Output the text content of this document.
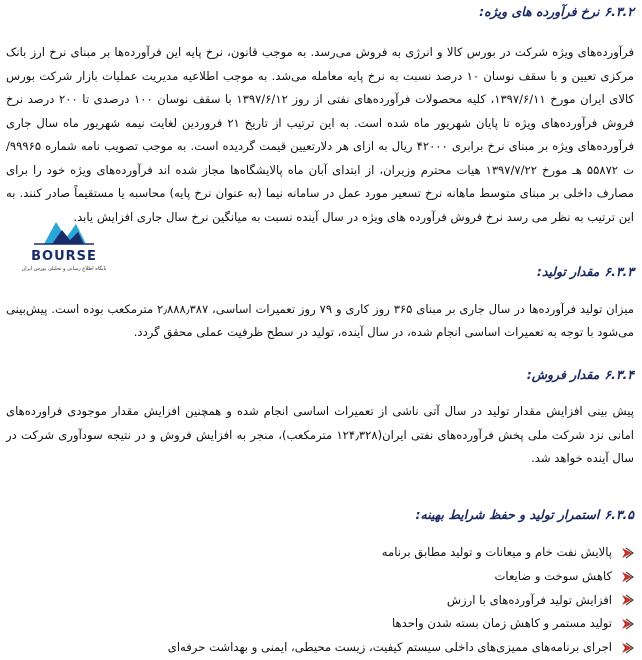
۶.۳.۲نرخ فرآورده های ویژه:
فرآورده‌های ویژه شرکت در بورس کالا و انرژی به فروش می‌رسد. به موجب قانون، نرخ پایه این فرآورده‌ها بر مبنای نرخ ارز بانک مرکزی تعیین و با سقف نوسان ۱۰ درصد نسبت به نرخ پایه معامله می‌شد. به موجب اطلاعیه مدیریت عملیات بازار شرکت بورس کالای ایران مورخ ۱۳۹۷/۶/۱۱، کلیه محصولات فرآورده‌های نفتی از روز ۱۳۹۷/۶/۱۲ با سقف نوسان ۱۰۰ درصدی تا ۲۰۰ درصد نرخ فروش فرآورده‌های ویژه تا پایان شهریور ماه شده است. به این ترتیب از تاریخ ۲۱ فروردین لغایت نیمه شهریور ماه سال جاری فرآورده‌های ویژه بر مبنای نرخ برابری ۴۲۰۰۰ ریال به ازای هر دلارتعیین قیمت گردیده است. به موجب تصویب نامه شماره ۹۹۹۶۵/ت ۵۵۸۷۲ هـ مورخ ۱۳۹۷/۷/۲۲ هیات محترم وزیران، از ابتدای آبان ماه پالایشگاه‌ها مجاز شده اند فرآورده‌های ویژه خود را برای مصارف داخلی بر مبنای متوسط ماهانه نرخ تسعیر مورد عمل در سامانه نیما (به عنوان نرخ پایه) محاسبه یا مستقیماً صادر کنند. به این ترتیب به نظر می رسد نرخ فروش فرآورده های ویژه در سال آینده نسبت به میانگین نرخ سال جاری افزایش یابد.
۶.۳.۳مقدار تولید:
میزان تولید فرآورده‌ها در سال جاری بر مبنای ۳۶۵ روز کاری و ۷۹ روز تعمیرات اساسی، ۲٫۸۸۸٫۳۸۷ مترمکعب بوده است. پیش‌بینی می‌شود با توجه به تعمیرات اساسی انجام شده، در سال آینده، تولید در سطح ظرفیت عملی محقق گردد.
۶.۳.۴مقدار فروش:
پیش بینی افزایش مقدار تولید در سال آتی ناشی از تعمیرات اساسی انجام شده و همچنین افزایش مقدار موجودی فراورده‌های امانی نزد شرکت ملی پخش فرآورده‌های نفتی ایران(۱۲۴٫۳۲۸ مترمکعب)، منجر به افزایش فروش و در نتیجه سودآوری شرکت در سال آینده خواهد شد.
۶.۳.۵استمرار تولید و حفظ شرایط بهینه:
پالایش نفت خام و میعانات و تولید مطابق برنامه
کاهش سوخت و ضایعات
افزایش تولید فرآورده‌های با ارزش
تولید مستمر و کاهش زمان بسته شدن واحدها
اجرای برنامه‌های ممیزی‌های داخلی سیستم کیفیت، زیست محیطی، ایمنی و بهداشت حرفه‌ای
BOURSE
پایگاه اطلاع رسانی و تحلیلی بورس ایران
